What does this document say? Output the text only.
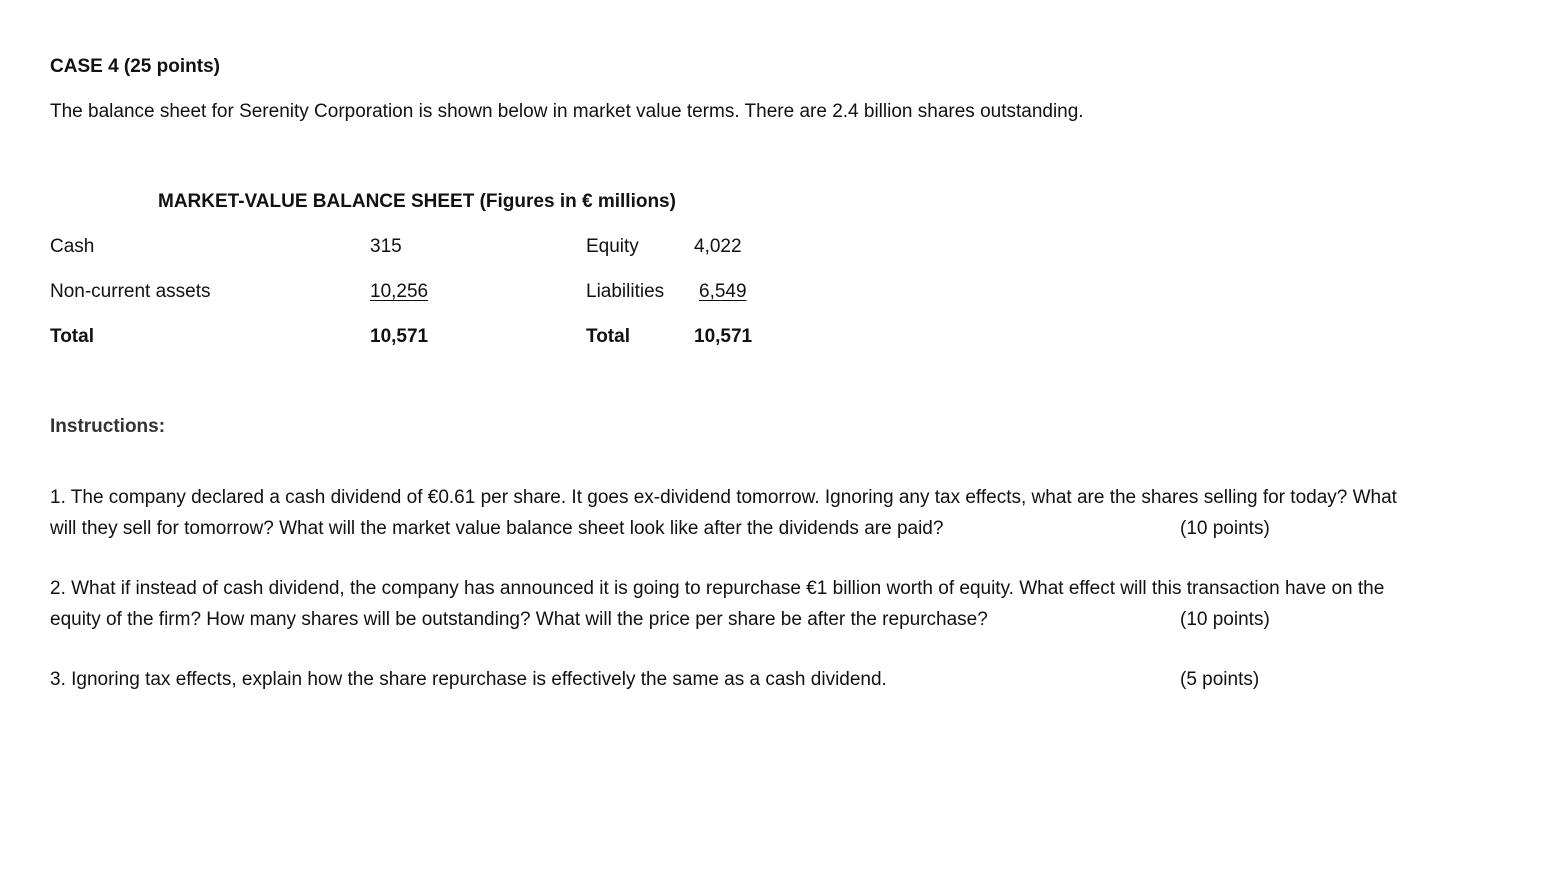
CASE 4 (25 points)
The balance sheet for Serenity Corporation is shown below in market value terms. There are 2.4 billion shares outstanding.
MARKET-VALUE BALANCE SHEET (Figures in € millions)
Cash	315	Equity	4,022
Non-current assets	10,256	Liabilities 6,549
Total	10,571	Total	10,571
Instructions:
1. The company declared a cash dividend of €0.61 per share. It goes ex-dividend tomorrow. Ignoring any tax effects, what are the shares selling for today? What
will they sell for tomorrow? What will the market value balance sheet look like after the dividends are paid?	(10 points)
2. What if instead of cash dividend, the company has announced it is going to repurchase €1 billion worth of equity. What effect will this transaction have on the
equity of the firm? How many shares will be outstanding? What will the price per share be after the repurchase?	(10 points)
3. Ignoring tax effects, explain how the share repurchase is effectively the same as a cash dividend.	(5 points)
